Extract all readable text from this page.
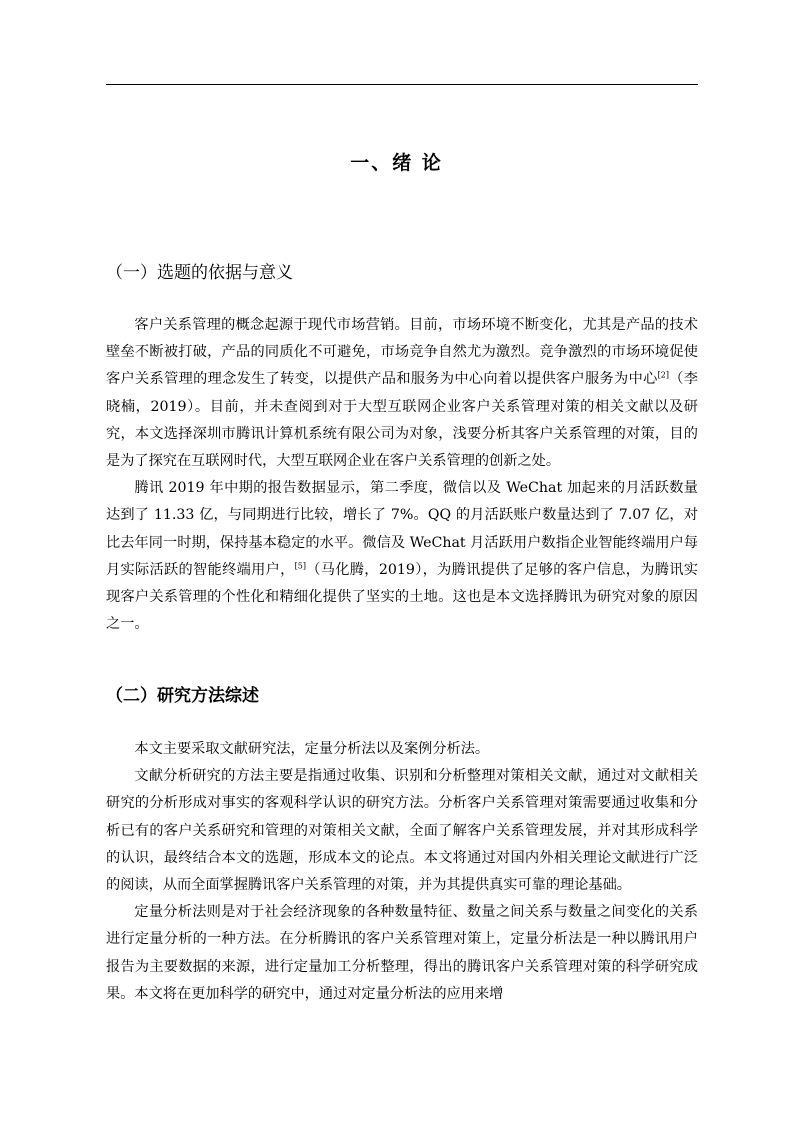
一、绪 论
（一）选题的依据与意义

客户关系管理的概念起源于现代市场营销。目前，市场环境不断变化，尤其是产品的技术壁垒不断被打破，产品的同质化不可避免，市场竞争自然尤为激烈。竞争激烈的市场环境促使客户关系管理的理念发生了转变，以提供产品和服务为中心向着以提供客户服务为中心[2]（李晓楠，2019）。目前，并未查阅到对于大型互联网企业客户关系管理对策的相关文献以及研究，本文选择深圳市腾讯计算机系统有限公司为对象，浅要分析其客户关系管理的对策，目的是为了探究在互联网时代，大型互联网企业在客户关系管理的创新之处。

腾讯 2019 年中期的报告数据显示，第二季度，微信以及 WeChat 加起来的月活跃数量达到了 11.33 亿，与同期进行比较，增长了 7%。QQ 的月活跃账户数量达到了 7.07 亿，对比去年同一时期，保持基本稳定的水平。微信及 WeChat 月活跃用户数指企业智能终端用户每月实际活跃的智能终端用户，[5]（马化腾，2019），为腾讯提供了足够的客户信息，为腾讯实现客户关系管理的个性化和精细化提供了坚实的土地。这也是本文选择腾讯为研究对象的原因之一。

（二）研究方法综述

本文主要采取文献研究法，定量分析法以及案例分析法。

文献分析研究的方法主要是指通过收集、识别和分析整理对策相关文献，通过对文献相关研究的分析形成对事实的客观科学认识的研究方法。分析客户关系管理对策需要通过收集和分析已有的客户关系研究和管理的对策相关文献，全面了解客户关系管理发展，并对其形成科学的认识，最终结合本文的选题，形成本文的论点。本文将通过对国内外相关理论文献进行广泛的阅读，从而全面掌握腾讯客户关系管理的对策，并为其提供真实可靠的理论基础。

定量分析法则是对于社会经济现象的各种数量特征、数量之间关系与数量之间变化的关系进行定量分析的一种方法。在分析腾讯的客户关系管理对策上，定量分析法是一种以腾讯用户报告为主要数据的来源，进行定量加工分析整理，得出的腾讯客户关系管理对策的科学研究成果。本文将在更加科学的研究中，通过对定量分析法的应用来增
